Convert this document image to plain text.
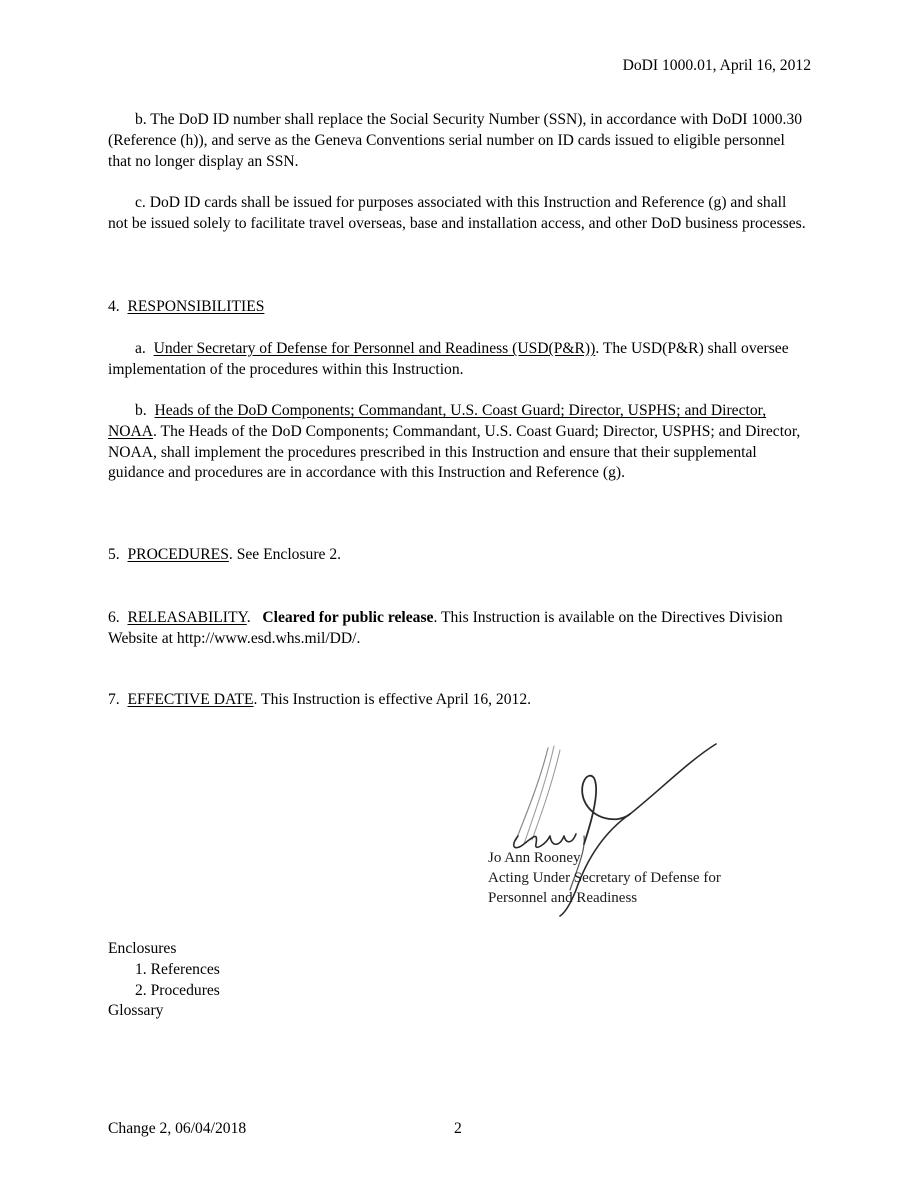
DoDI 1000.01, April 16, 2012
b. The DoD ID number shall replace the Social Security Number (SSN), in accordance with DoDI 1000.30 (Reference (h)), and serve as the Geneva Conventions serial number on ID cards issued to eligible personnel that no longer display an SSN.
c. DoD ID cards shall be issued for purposes associated with this Instruction and Reference (g) and shall not be issued solely to facilitate travel overseas, base and installation access, and other DoD business processes.
4. RESPONSIBILITIES
a. Under Secretary of Defense for Personnel and Readiness (USD(P&R)). The USD(P&R) shall oversee implementation of the procedures within this Instruction.
b. Heads of the DoD Components; Commandant, U.S. Coast Guard; Director, USPHS; and Director, NOAA. The Heads of the DoD Components; Commandant, U.S. Coast Guard; Director, USPHS; and Director, NOAA, shall implement the procedures prescribed in this Instruction and ensure that their supplemental guidance and procedures are in accordance with this Instruction and Reference (g).
5. PROCEDURES. See Enclosure 2.
6. RELEASABILITY.   Cleared for public release. This Instruction is available on the Directives Division Website at http://www.esd.whs.mil/DD/.
7. EFFECTIVE DATE. This Instruction is effective April 16, 2012.
Jo Ann Rooney
Acting Under Secretary of Defense for
Personnel and Readiness
Enclosures
1. References
2. Procedures
Glossary
Change 2, 06/04/2018	2
